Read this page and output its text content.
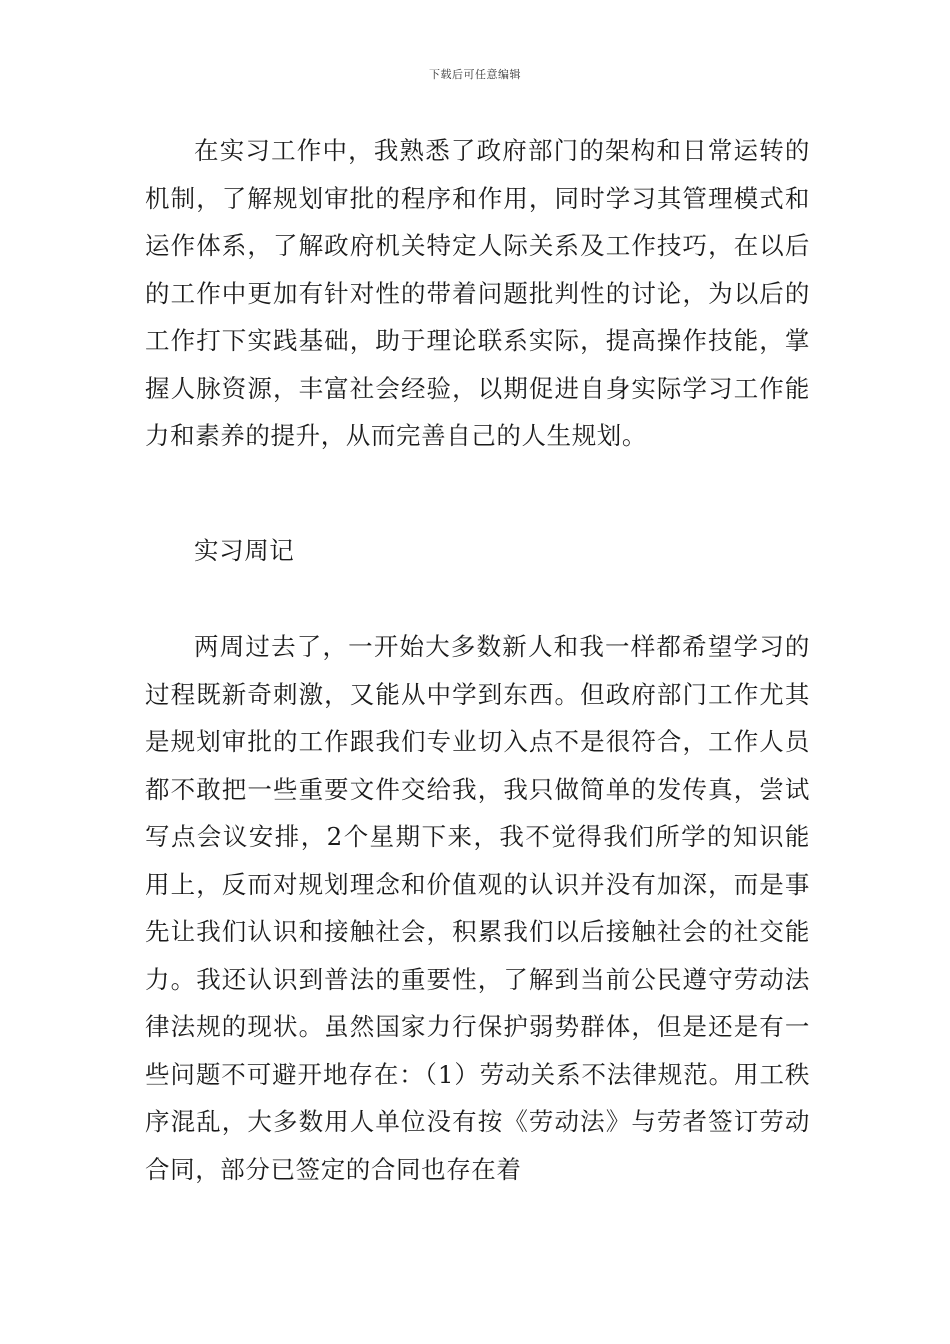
下载后可任意编辑

在实习工作中，我熟悉了政府部门的架构和日常运转的机制，了解规划审批的程序和作用，同时学习其管理模式和运作体系，了解政府机关特定人际关系及工作技巧，在以后的工作中更加有针对性的带着问题批判性的讨论，为以后的工作打下实践基础，助于理论联系实际，提高操作技能，掌握人脉资源，丰富社会经验，以期促进自身实际学习工作能力和素养的提升，从而完善自己的人生规划。

实习周记

两周过去了，一开始大多数新人和我一样都希望学习的过程既新奇刺激，又能从中学到东西。但政府部门工作尤其是规划审批的工作跟我们专业切入点不是很符合，工作人员都不敢把一些重要文件交给我，我只做简单的发传真，尝试写点会议安排，2个星期下来，我不觉得我们所学的知识能用上，反而对规划理念和价值观的认识并没有加深，而是事先让我们认识和接触社会，积累我们以后接触社会的社交能力。我还认识到普法的重要性，了解到当前公民遵守劳动法律法规的现状。虽然国家力行保护弱势群体，但是还是有一些问题不可避开地存在：（1）劳动关系不法律规范。用工秩序混乱，大多数用人单位没有按《劳动法》与劳者签订劳动合同，部分已签定的合同也存在着
